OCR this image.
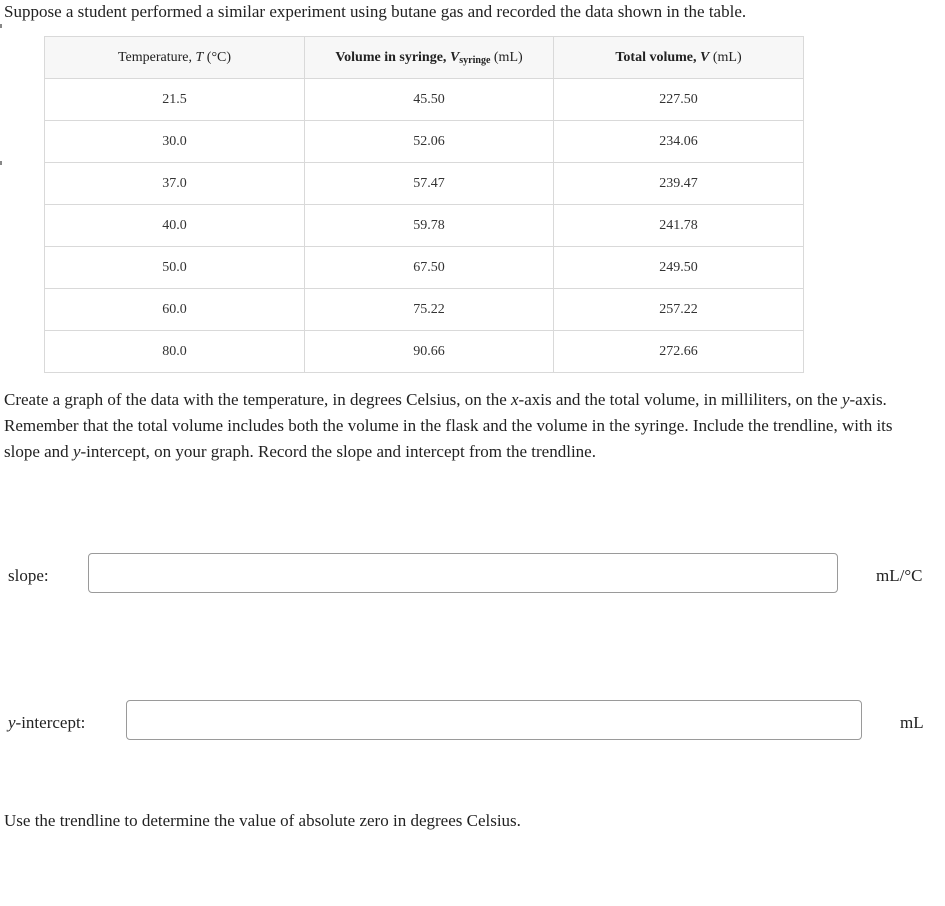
Suppose a student performed a similar experiment using butane gas and recorded the data shown in the table.
Temperature, T (°C)	Volume in syringe, $V_{syringe}$ (mL)	Total volume, V (mL)
21.5	45.50	227.50
30.0	52.06	234.06
37.0	57.47	239.47
40.0	59.78	241.78
50.0	67.50	249.50
60.0	75.22	257.22
80.0	90.66	272.66
Create a graph of the data with the temperature, in degrees Celsius, on the x-axis and the total volume, in milliliters, on the y-axis. Remember that the total volume includes both the volume in the flask and the volume in the syringe. Include the trendline, with its slope and y-intercept, on your graph. Record the slope and intercept from the trendline.
slope:	mL/°C
y-intercept:	mL
Use the trendline to determine the value of absolute zero in degrees Celsius.
